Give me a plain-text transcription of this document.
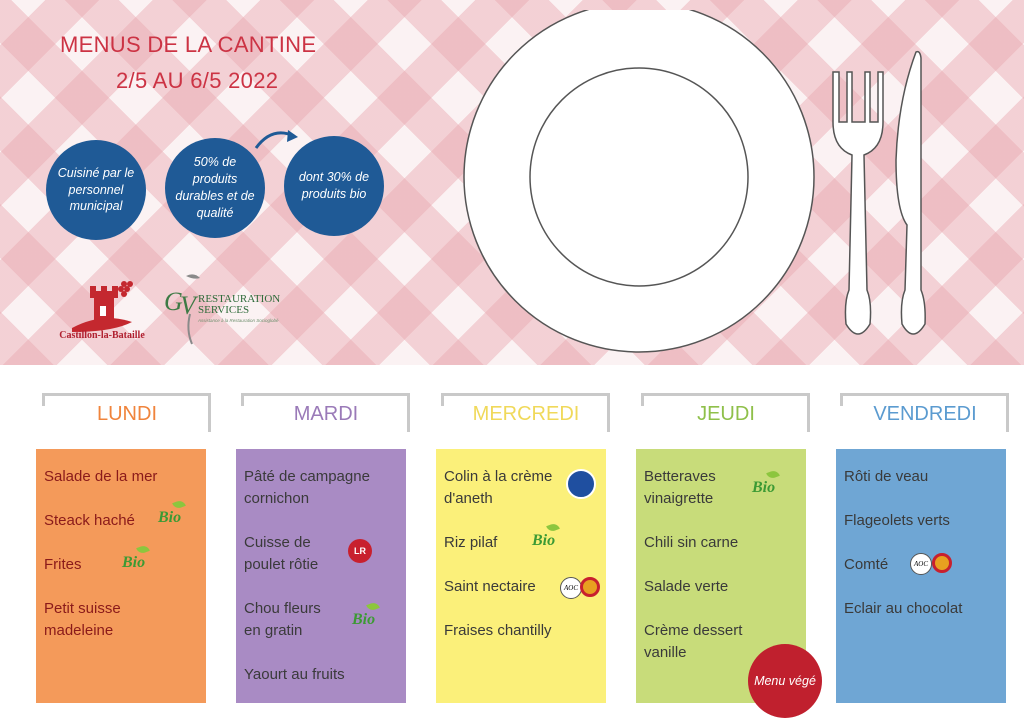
MENUS DE LA CANTINE
2/5 AU 6/5 2022
Cuisiné par le personnel municipal
50% de produits durables et de qualité
dont 30% de produits bio
Castillon-la-Bataille
G
V RESTAURATION
SERVICES
Assistance à la Restauration Socioglobé
LUNDI	MARDI	MERCREDI	JEUDI	VENDREDI
Salade de la mer
Steack haché	Bio
Frites	Bio
Petit suisse madeleine
Pâté de campagne cornichon
Cuisse de poulet rôtie
LR
Chou fleurs en gratin
Bio
Yaourt au fruits
Colin à la crème d'aneth
Riz pilaf	Bio
Saint nectaire	AOC
Fraises chantilly
Betteraves vinaigrette
Bio
Chili sin carne
Salade verte
Crème dessert vanille
Rôti de veau
Flageolets verts
Comté	AOC
Eclair au chocolat
Menu végé
